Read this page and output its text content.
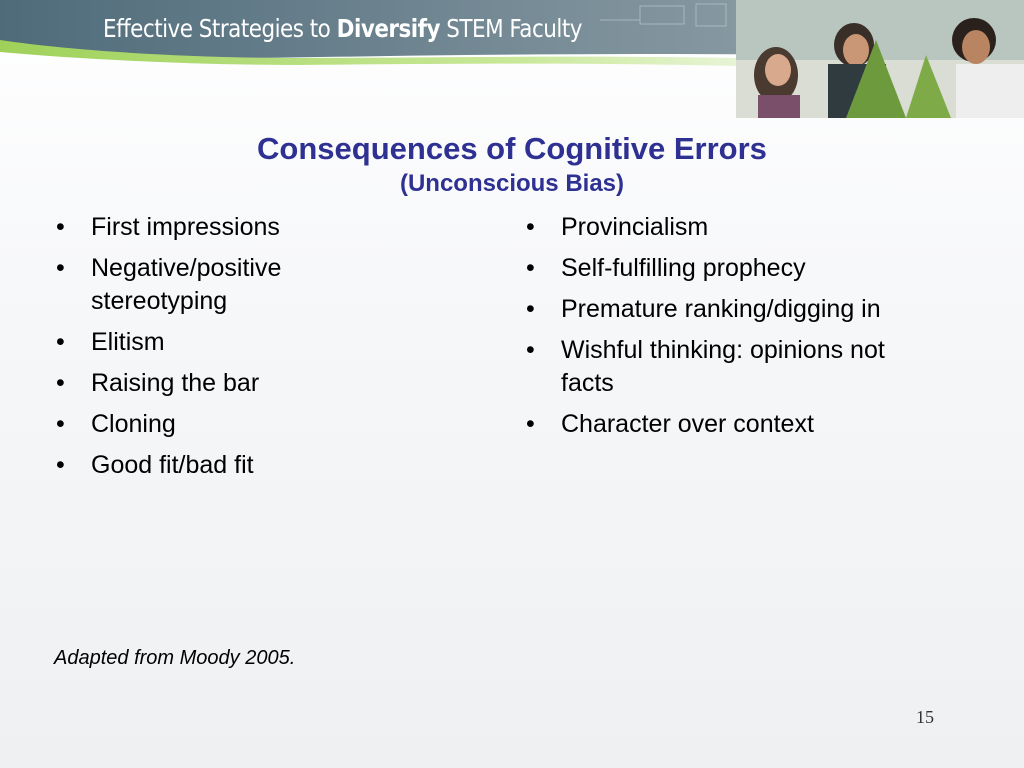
Effective Strategies to Diversify STEM Faculty
Consequences of Cognitive Errors
(Unconscious Bias)
• First impressions
• Negative/positive stereotyping
• Elitism
• Raising the bar
• Cloning
• Good fit/bad fit
• Provincialism
• Self-fulfilling prophecy
• Premature ranking/digging in
• Wishful thinking: opinions not facts
• Character over context
Adapted from Moody 2005.
15
